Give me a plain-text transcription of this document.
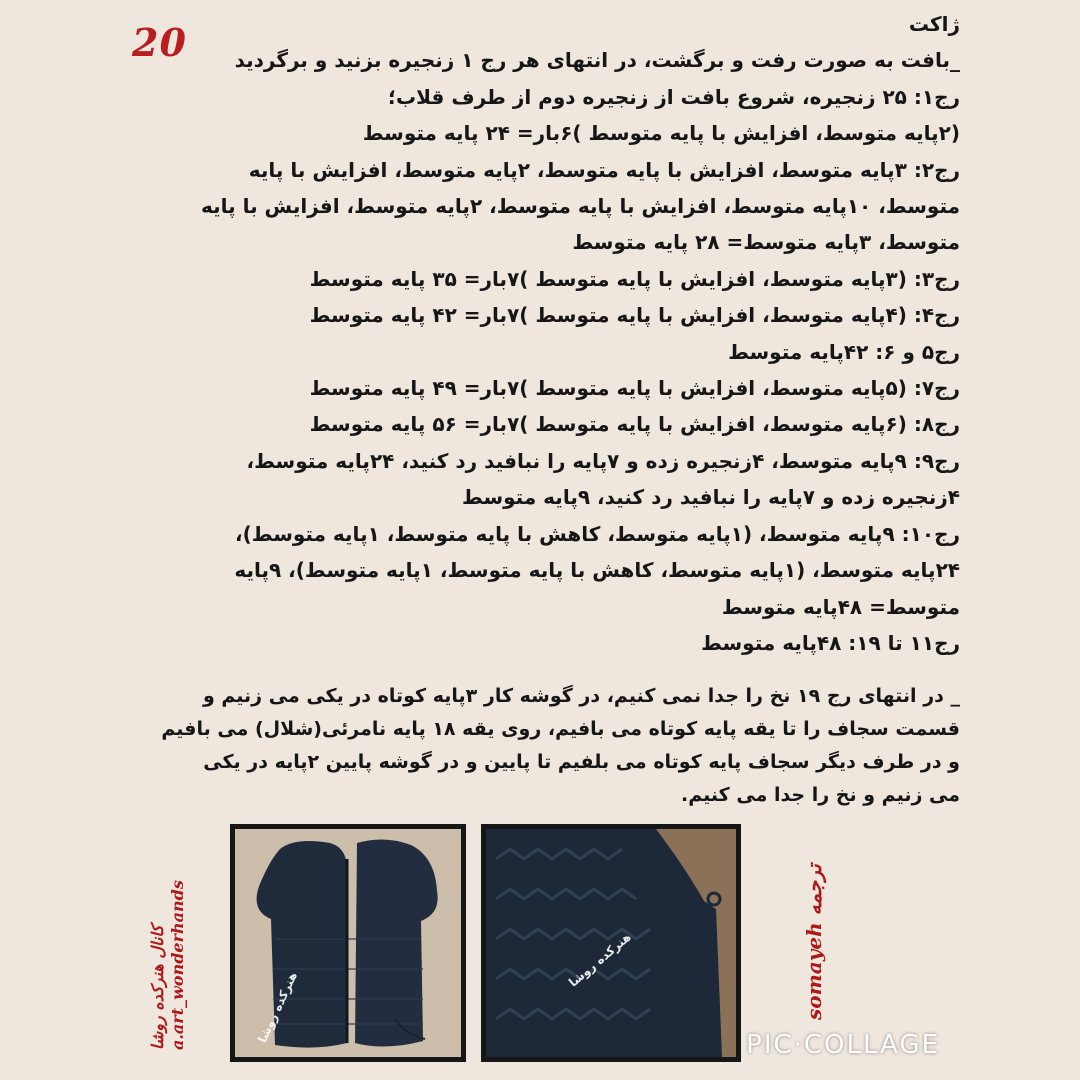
20	ژاکت
_بافت به صورت رفت و برگشت، در انتهای هر رج ۱ زنجیره بزنید و برگردید
رج۱: ۲۵ زنجیره، شروع بافت از زنجیره دوم از طرف قلاب؛
(۲پایه متوسط، افزایش با پایه متوسط )۶بار= ۲۴ پایه متوسط
رج۲: ۳پایه متوسط، افزایش با پایه متوسط، ۲پایه متوسط، افزایش با پایه
متوسط، ۱۰پایه متوسط، افزایش با پایه متوسط، ۲پایه متوسط، افزایش با پایه
متوسط، ۳پایه متوسط= ۲۸ پایه متوسط
رج۳: (۳پایه متوسط، افزایش با پایه متوسط )۷بار= ۳۵ پایه متوسط
رج۴: (۴پایه متوسط، افزایش با پایه متوسط )۷بار= ۴۲ پایه متوسط
رج۵ و ۶: ۴۲پایه متوسط
رج۷: (۵پایه متوسط، افزایش با پایه متوسط )۷بار= ۴۹ پایه متوسط
رج۸: (۶پایه متوسط، افزایش با پایه متوسط )۷بار= ۵۶ پایه متوسط
رج۹: ۹پایه متوسط، ۴زنجیره زده و ۷پایه را نبافید رد کنید، ۲۴پایه متوسط،
۴زنجیره زده و ۷پایه را نبافید رد کنید، ۹پایه متوسط
رج۱۰: ۹پایه متوسط، (۱پایه متوسط، کاهش با پایه متوسط، ۱پایه متوسط)،
۲۴پایه متوسط، (۱پایه متوسط، کاهش با پایه متوسط، ۱پایه متوسط)، ۹پایه
متوسط= ۴۸پایه متوسط
رج۱۱ تا ۱۹: ۴۸پایه متوسط
_ در انتهای رج ۱۹ نخ را جدا نمی کنیم، در گوشه کار ۳پایه کوتاه در یکی می زنیم و
قسمت سجاف را تا یقه پایه کوتاه می بافیم، روی یقه ۱۸ پایه نامرئی(شلال) می بافیم
و در طرف دیگر سجاف پایه کوتاه می بلفیم تا پایین و در گوشه پایین ۲پایه در یکی
می زنیم و نخ را جدا می کنیم.
کانال هنرکده روشا a.art_wonderhands	هنرکده روشا
هنرکده روشا	somayeh ترجمه
PIC·COLLAGE
